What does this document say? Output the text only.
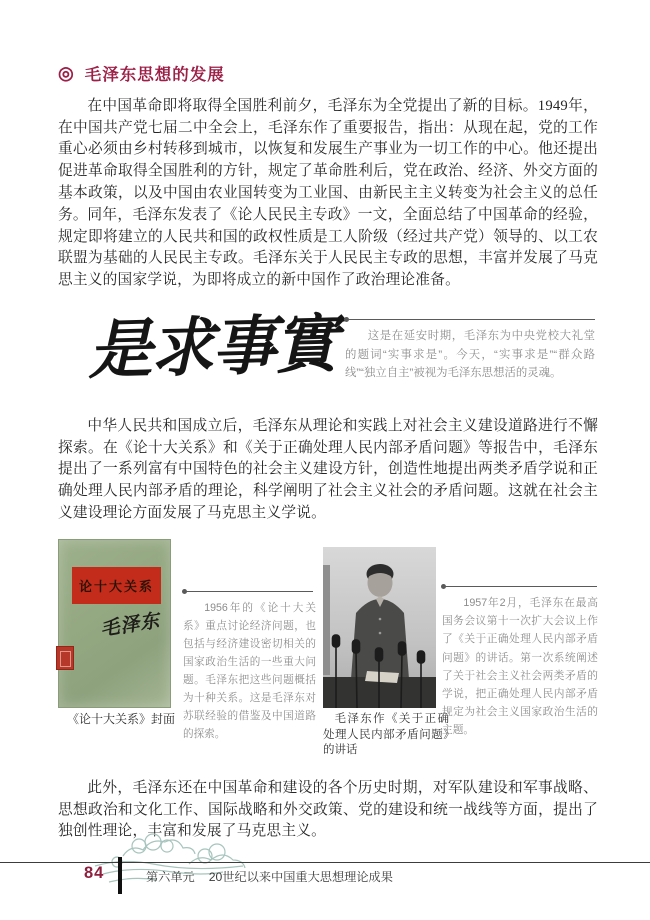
◎ 毛泽东思想的发展

在中国革命即将取得全国胜利前夕，毛泽东为全党提出了新的目标。1949年，在中国共产党七届二中全会上，毛泽东作了重要报告，指出：从现在起，党的工作重心必须由乡村转移到城市，以恢复和发展生产事业为一切工作的中心。他还提出促进革命取得全国胜利的方针，规定了革命胜利后，党在政治、经济、外交方面的基本政策，以及中国由农业国转变为工业国、由新民主主义转变为社会主义的总任务。 同年，毛泽东发表了《论人民民主专政》一文，全面总结了中国革命的经验，规定即将建立的人民共和国的政权性质是工人阶级（经过共产党）领导的、以工农联盟为基础的人民民主专政。毛泽东关于人民民主专政的思想，丰富并发展了马克思主义的国家学说，为即将成立的新中国作了政治理论准备。

是求事實	这是在延安时期，毛泽东为中央党校大礼堂的题词“实事求是”。今天，“实事求是”“群众路线”“独立自主”被视为毛泽东思想活的灵魂。

中华人民共和国成立后，毛泽东从理论和实践上对社会主义建设道路进行不懈探索。在《论十大关系》和《关于正确处理人民内部矛盾问题》等报告中，毛泽东提出了一系列富有中国特色的社会主义建设方针，创造性地提出两类矛盾学说和正确处理人民内部矛盾的理论，科学阐明了社会主义社会的矛盾问题。这就在社会主义建设理论方面发展了马克思主义学说。

论十大关系
毛泽东
《论十大关系》封面
1956年的《论十大关系》重点讨论经济问题，也包括与经济建设密切相关的国家政治生活的一些重大问题。毛泽东把这些问题概括为十种关系。这是毛泽东对苏联经验的借鉴及中国道路的探索。
毛泽东作《关于正确处理人民内部矛盾问题》的讲话
1957年2月，毛泽东在最高国务会议第十一次扩大会议上作了《关于正确处理人民内部矛盾问题》的讲话。第一次系统阐述了关于社会主义社会两类矛盾的学说，把正确处理人民内部矛盾规定为社会主义国家政治生活的主题。

此外，毛泽东还在中国革命和建设的各个历史时期，对军队建设和军事战略、思想政治和文化工作、国际战略和外交政策、党的建设和统一战线等方面，提出了独创性理论，丰富和发展了马克思主义。

84	第六单元 20世纪以来中国重大思想理论成果
